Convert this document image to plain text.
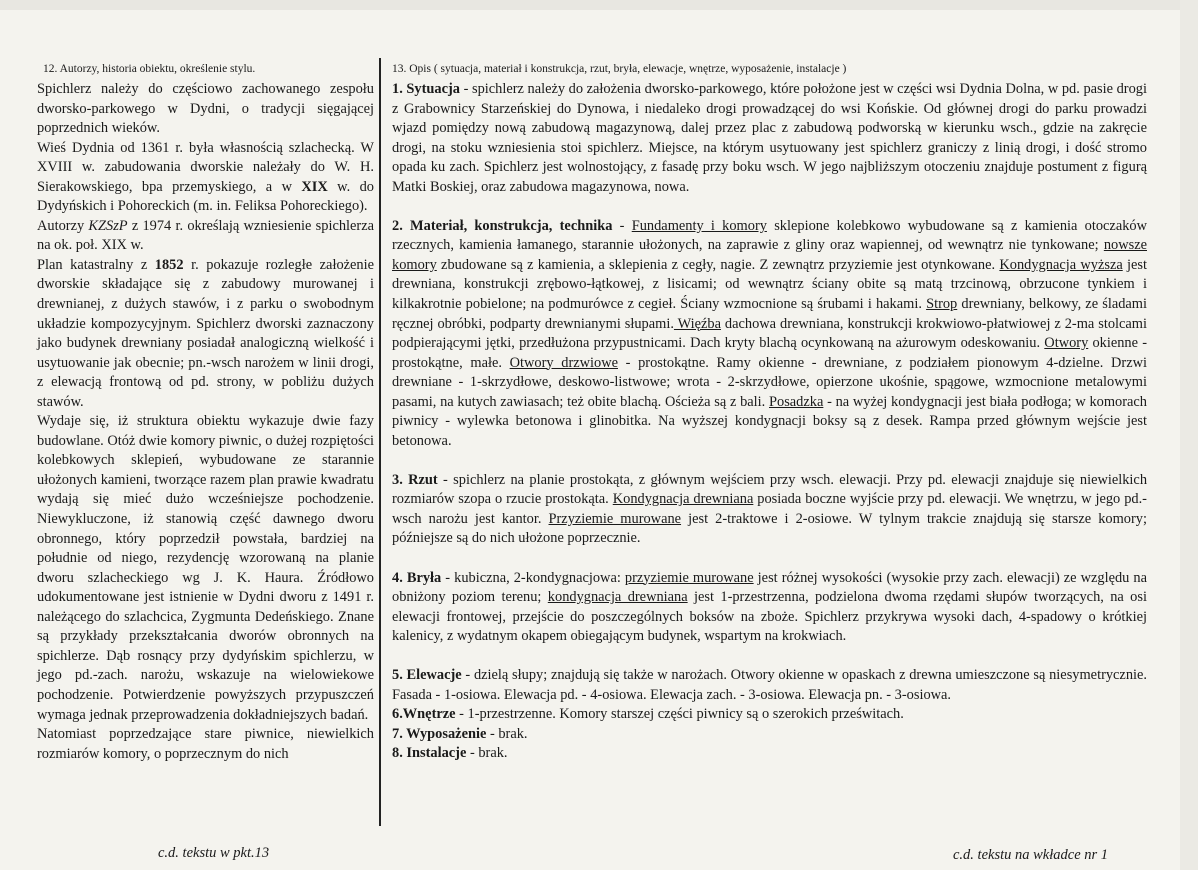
12. Autorzy, historia obiektu, określenie stylu.

Spichlerz należy do częściowo zachowanego zespołu dworsko-parkowego w Dydni, o tradycji sięgającej poprzednich wieków.

Wieś Dydnia od 1361 r. była własnością szlachecką. W XVIII w. zabudowania dworskie należały do W. H. Sierakowskiego, bpa przemyskiego, a w XIX w. do Dydyńskich i Pohoreckich (m. in. Feliksa Pohoreckiego).

Autorzy KZSzP z 1974 r. określają wzniesienie spichlerza na ok. poł. XIX w.

Plan katastralny z 1852 r. pokazuje rozległe założenie dworskie składające się z zabudowy murowanej i drewnianej, z dużych stawów, i z parku o swobodnym układzie kompozycyjnym. Spichlerz dworski zaznaczony jako budynek drewniany posiadał analogiczną wielkość i usytuowanie jak obecnie; pn.-wsch narożem w linii drogi, z elewacją frontową od pd. strony, w pobliżu dużych stawów.

Wydaje się, iż struktura obiektu wykazuje dwie fazy budowlane. Otóż dwie komory piwnic, o dużej rozpiętości kolebkowych sklepień, wybudowane ze starannie ułożonych kamieni, tworzące razem plan prawie kwadratu wydają się mieć dużo wcześniejsze pochodzenie. Niewykluczone, iż stanowią część dawnego dworu obronnego, który poprzedził powstała, bardziej na południe od niego, rezydencję wzorowaną na planie dworu szlacheckiego wg J. K. Haura. Źródłowo udokumentowane jest istnienie w Dydni dworu z 1491 r. należącego do szlachcica, Zygmunta Dedeńskiego. Znane są przykłady przekształcania dworów obronnych na spichlerze. Dąb rosnący przy dydyńskim spichlerzu, w jego pd.-zach. narożu, wskazuje na wielowiekowe pochodzenie. Potwierdzenie powyższych przypuszczeń wymaga jednak przeprowadzenia dokładniejszych badań.

Natomiast poprzedzające stare piwnice, niewielkich rozmiarów komory, o poprzecznym do nich

13. Opis ( sytuacja, materiał i konstrukcja, rzut, bryła, elewacje, wnętrze, wyposażenie, instalacje )

1. Sytuacja - spichlerz należy do założenia dworsko-parkowego, które położone jest w części wsi Dydnia Dolna, w pd. pasie drogi z Grabownicy Starzeńskiej do Dynowa, i niedaleko drogi prowadzącej do wsi Końskie. Od głównej drogi do parku prowadzi wjazd pomiędzy nową zabudową magazynową, dalej przez plac z zabudową podworską w kierunku wsch., gdzie na zakręcie drogi, na stoku wzniesienia stoi spichlerz. Miejsce, na którym usytuowany jest spichlerz graniczy z linią drogi, i dość stromo opada ku zach. Spichlerz jest wolnostojący, z fasadę przy boku wsch. W jego najbliższym otoczeniu znajduje postument z figurą Matki Boskiej, oraz zabudowa magazynowa, nowa.

2. Materiał, konstrukcja, technika - Fundamenty i komory sklepione kolebkowo wybudowane są z kamienia otoczaków rzecznych, kamienia łamanego, starannie ułożonych, na zaprawie z gliny oraz wapiennej, od wewnątrz nie tynkowane; nowsze komory zbudowane są z kamienia, a sklepienia z cegły, nagie. Z zewnątrz przyziemie jest otynkowane. Kondygnacja wyższa jest drewniana, konstrukcji zrębowo-łątkowej, z lisicami; od wewnątrz ściany obite są matą trzcinową, obrzucone tynkiem i kilkakrotnie pobielone; na podmurówce z cegieł. Ściany wzmocnione są śrubami i hakami. Strop drewniany, belkowy, ze śladami ręcznej obróbki, podparty drewnianymi słupami. Więźba dachowa drewniana, konstrukcji krokwiowo-płatwiowej z 2-ma stolcami podpierającymi jętki, przedłużona przypustnicami. Dach kryty blachą ocynkowaną na ażurowym odeskowaniu. Otwory okienne - prostokątne, małe. Otwory drzwiowe - prostokątne. Ramy okienne - drewniane, z podziałem pionowym 4-dzielne. Drzwi drewniane - 1-skrzydłowe, deskowo-listwowe; wrota - 2-skrzydłowe, opierzone ukośnie, spągowe, wzmocnione metalowymi pasami, na kutych zawiasach; też obite blachą. Ościeża są z bali. Posadzka - na wyżej kondygnacji jest biała podłoga; w komorach piwnicy - wylewka betonowa i glinobitka. Na wyższej kondygnacji boksy są z desek. Rampa przed głównym wejście jest betonowa.

3. Rzut - spichlerz na planie prostokąta, z głównym wejściem przy wsch. elewacji. Przy pd. elewacji znajduje się niewielkich rozmiarów szopa o rzucie prostokąta. Kondygnacja drewniana posiada boczne wyjście przy pd. elewacji. We wnętrzu, w jego pd.-wsch narożu jest kantor. Przyziemie murowane jest 2-traktowe i 2-osiowe. W tylnym trakcie znajdują się starsze komory; późniejsze są do nich ułożone poprzecznie.

4. Bryła - kubiczna, 2-kondygnacjowa: przyziemie murowane jest różnej wysokości (wysokie przy zach. elewacji) ze względu na obniżony poziom terenu; kondygnacja drewniana jest 1-przestrzenna, podzielona dwoma rzędami słupów tworzących, na osi elewacji frontowej, przejście do poszczególnych boksów na zboże. Spichlerz przykrywa wysoki dach, 4-spadowy o krótkiej kalenicy, z wydatnym okapem obiegającym budynek, wspartym na krokwiach.

5. Elewacje - dzielą słupy; znajdują się także w narożach. Otwory okienne w opaskach z drewna umieszczone są niesymetrycznie. Fasada - 1-osiowa. Elewacja pd. - 4-osiowa. Elewacja zach. - 3-osiowa. Elewacja pn. - 3-osiowa.

6.Wnętrze - 1-przestrzenne. Komory starszej części piwnicy są o szerokich prześwitach.

7. Wyposażenie - brak.

8. Instalacje - brak.

c.d. tekstu w pkt.13	c.d. tekstu na wkładce nr 1
